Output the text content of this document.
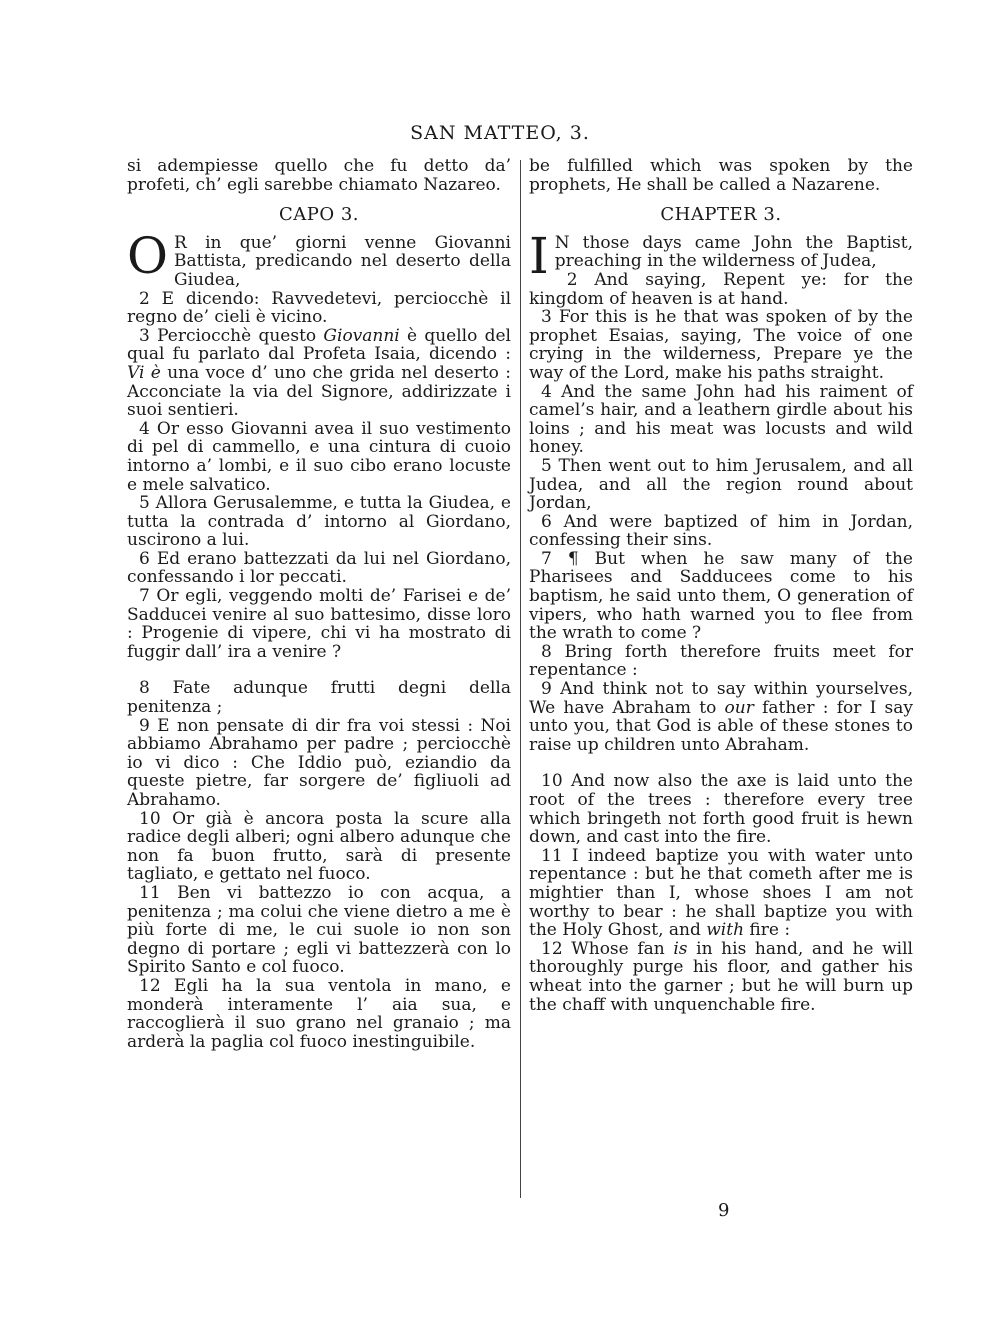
SAN MATTEO, 3.

si adempiesse quello che fu detto da’ profeti, ch’ egli sarebbe chiamato Nazareo.

CAPO 3.

O R in que’ giorni venne Giovanni Battista, predicando nel deserto della Giudea,

2 E dicendo: Ravvedetevi, perciocchè il regno de’ cieli è vicino.

3 Perciocchè questo Giovanni è quello del qual fu parlato dal Profeta Isaia, dicendo : Vi è una voce d’ uno che grida nel deserto : Acconciate la via del Signore, addirizzate i suoi sentieri.

4 Or esso Giovanni avea il suo vestimento di pel di cammello, e una cintura di cuoio intorno a’ lombi, e il suo cibo erano locuste e mele salvatico.

5 Allora Gerusalemme, e tutta la Giudea, e tutta la contrada d’ intorno al Giordano, uscirono a lui.

6 Ed erano battezzati da lui nel Giordano, confessando i lor peccati.

7 Or egli, veggendo molti de’ Farisei e de’ Sadducei venire al suo battesimo, disse loro : Progenie di vipere, chi vi ha mostrato di fuggir dall’ ira a venire ?

8 Fate adunque frutti degni della penitenza ;

9 E non pensate di dir fra voi stessi : Noi abbiamo Abrahamo per padre ; perciocchè io vi dico : Che Iddio può, eziandio da queste pietre, far sorgere de’ figliuoli ad Abrahamo.

10 Or già è ancora posta la scure alla radice degli alberi; ogni albero adunque che non fa buon frutto, sarà di presente tagliato, e gettato nel fuoco.

11 Ben vi battezzo io con acqua, a penitenza ; ma colui che viene dietro a me è più forte di me, le cui suole io non son degno di portare ; egli vi battezzerà con lo Spirito Santo e col fuoco.

12 Egli ha la sua ventola in mano, e monderà interamente l’ aia sua, e raccoglierà il suo grano nel granaio ; ma arderà la paglia col fuoco inestinguibile.

be fulfilled which was spoken by the prophets, He shall be called a Nazarene.

CHAPTER 3.

I N those days came John the Baptist, preaching in the wilderness of Judea,

2 And saying, Repent ye: for the kingdom of heaven is at hand.

3 For this is he that was spoken of by the prophet Esaias, saying, The voice of one crying in the wilderness, Prepare ye the way of the Lord, make his paths straight.

4 And the same John had his raiment of camel’s hair, and a leathern girdle about his loins ; and his meat was locusts and wild honey.

5 Then went out to him Jerusalem, and all Judea, and all the region round about Jordan,

6 And were baptized of him in Jordan, confessing their sins.

7 ¶ But when he saw many of the Pharisees and Sadducees come to his baptism, he said unto them, O generation of vipers, who hath warned you to flee from the wrath to come ?

8 Bring forth therefore fruits meet for repentance :

9 And think not to say within yourselves, We have Abraham to our father : for I say unto you, that God is able of these stones to raise up children unto Abraham.

10 And now also the axe is laid unto the root of the trees : therefore every tree which bringeth not forth good fruit is hewn down, and cast into the fire.

11 I indeed baptize you with water unto repentance : but he that cometh after me is mightier than I, whose shoes I am not worthy to bear : he shall baptize you with the Holy Ghost, and with fire :

12 Whose fan is in his hand, and he will thoroughly purge his floor, and gather his wheat into the garner ; but he will burn up the chaff with unquenchable fire.

9
